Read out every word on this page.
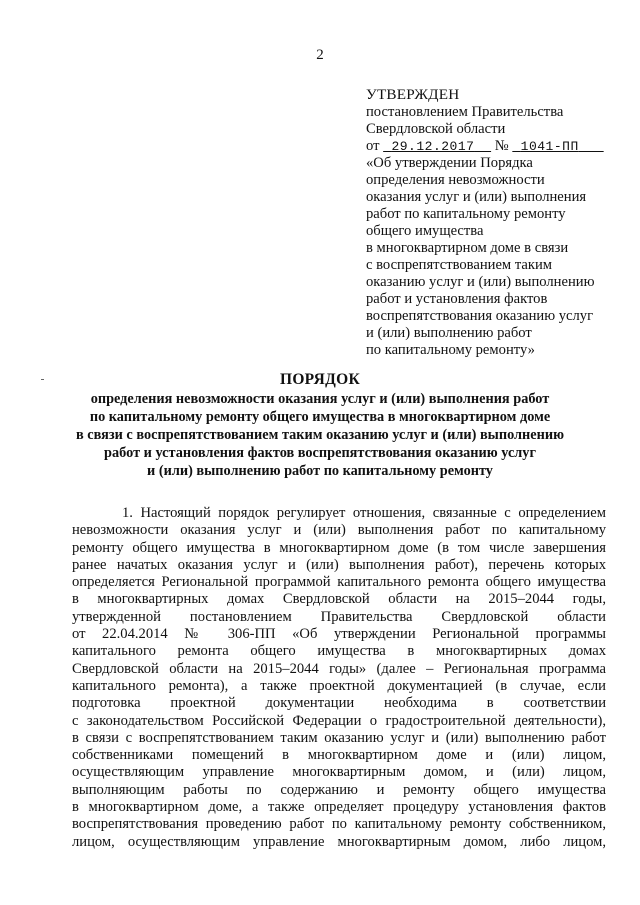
2
УТВЕРЖДЕН
постановлением Правительства
Свердловской области
от 29.12.2017 № 1041-ПП
«Об утверждении Порядка
определения невозможности
оказания услуг и (или) выполнения
работ по капитальному ремонту
общего имущества
в многоквартирном доме в связи
с воспрепятствованием таким
оказанию услуг и (или) выполнению
работ и установления фактов
воспрепятствования оказанию услуг
и (или) выполнению работ
по капитальному ремонту»
ПОРЯДОК
определения невозможности оказания услуг и (или) выполнения работ
по капитальному ремонту общего имущества в многоквартирном доме
в связи с воспрепятствованием таким оказанию услуг и (или) выполнению
работ и установления фактов воспрепятствования оказанию услуг
и (или) выполнению работ по капитальному ремонту
1. Настоящий порядок регулирует отношения, связанные с определением
невозможности оказания услуг и (или) выполнения работ по капитальному
ремонту общего имущества в многоквартирном доме (в том числе завершения
ранее начатых оказания услуг и (или) выполнения работ), перечень которых
определяется Региональной программой капитального ремонта общего имущества
в многоквартирных домах Свердловской области на 2015–2044 годы,
утвержденной постановлением Правительства Свердловской области
от 22.04.2014 № 306-ПП «Об утверждении Региональной программы
капитального ремонта общего имущества в многоквартирных домах
Свердловской области на 2015–2044 годы» (далее – Региональная программа
капитального ремонта), а также проектной документацией (в случае, если
подготовка проектной документации необходима в соответствии
с законодательством Российской Федерации о градостроительной деятельности),
в связи с воспрепятствованием таким оказанию услуг и (или) выполнению работ
собственниками помещений в многоквартирном доме и (или) лицом,
осуществляющим управление многоквартирным домом, и (или) лицом,
выполняющим работы по содержанию и ремонту общего имущества
в многоквартирном доме, а также определяет процедуру установления фактов
воспрепятствования проведению работ по капитальному ремонту собственником,
лицом, осуществляющим управление многоквартирным домом, либо лицом,
